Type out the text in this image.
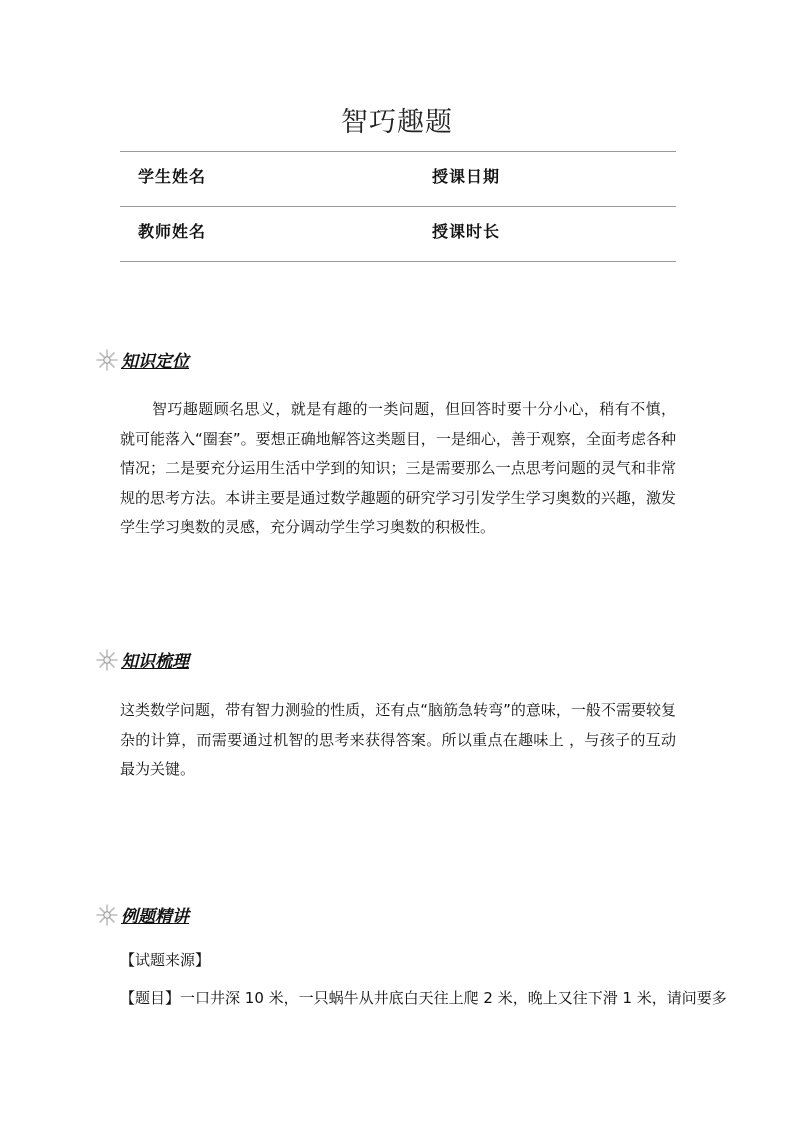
智巧趣题
学生姓名	授课日期
教师姓名	授课时长
知识定位

智巧趣题顾名思义，就是有趣的一类问题，但回答时要十分小心，稍有不慎，就可能落入“圈套”。要想正确地解答这类题目，一是细心，善于观察，全面考虑各种情况；二是要充分运用生活中学到的知识；三是需要那么一点思考问题的灵气和非常规的思考方法。本讲主要是通过数学趣题的研究学习引发学生学习奥数的兴趣，激发学生学习奥数的灵感，充分调动学生学习奥数的积极性。

知识梳理

这类数学问题，带有智力测验的性质，还有点“脑筋急转弯”的意味，一般不需要较复杂的计算，而需要通过机智的思考来获得答案。所以重点在趣味上 ，与孩子的互动最为关键。

例题精讲
【试题来源】
【题目】一口井深 10 米，一只蜗牛从井底白天往上爬 2 米，晚上又往下滑 1 米，请问要多
